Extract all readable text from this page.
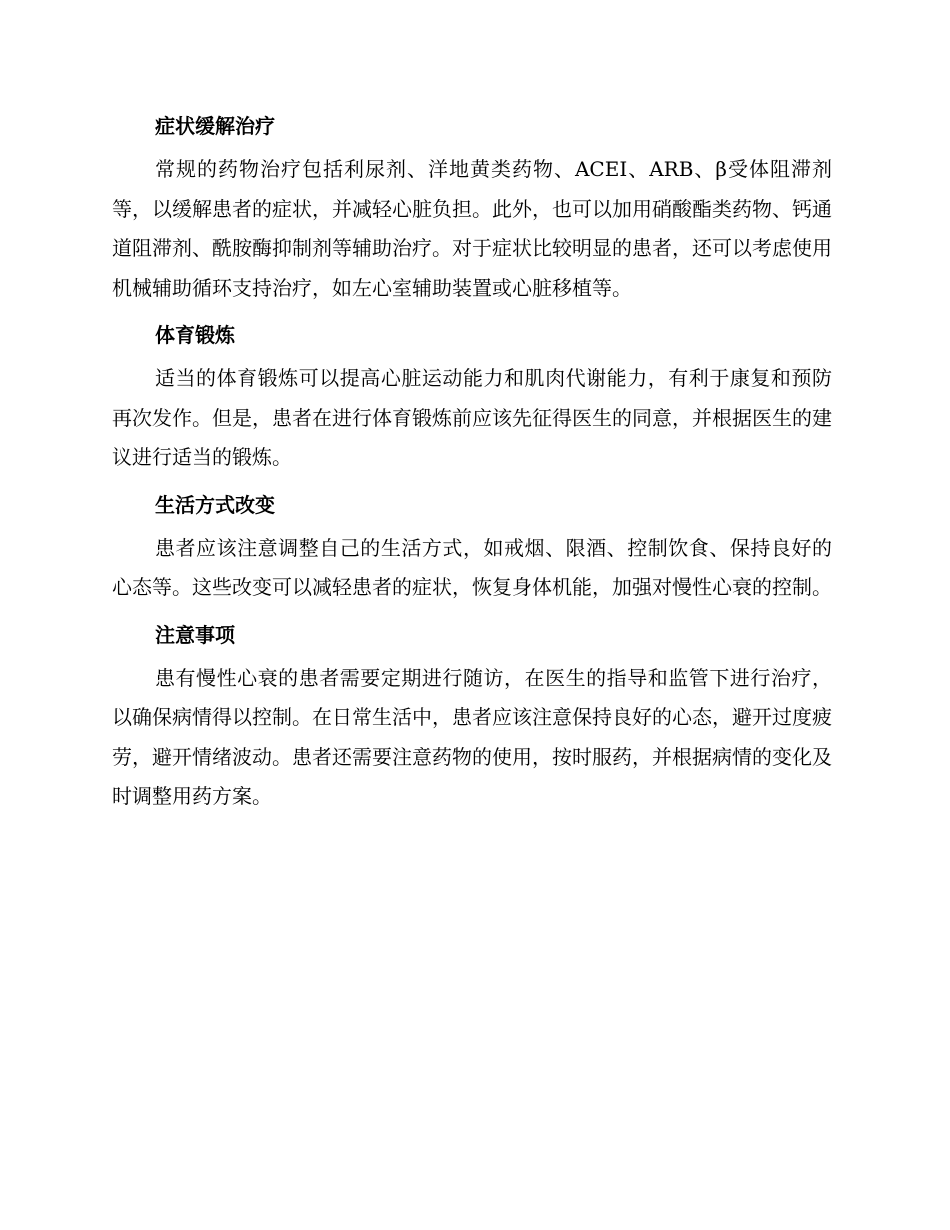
症状缓解治疗

常规的药物治疗包括利尿剂、洋地黄类药物、ACEI、ARB、β受体阻滞剂等，以缓解患者的症状，并减轻心脏负担。此外，也可以加用硝酸酯类药物、钙通道阻滞剂、酰胺酶抑制剂等辅助治疗。对于症状比较明显的患者，还可以考虑使用机械辅助循环支持治疗，如左心室辅助装置或心脏移植等。

体育锻炼

适当的体育锻炼可以提高心脏运动能力和肌肉代谢能力，有利于康复和预防再次发作。但是，患者在进行体育锻炼前应该先征得医生的同意，并根据医生的建议进行适当的锻炼。

生活方式改变

患者应该注意调整自己的生活方式，如戒烟、限酒、控制饮食、保持良好的心态等。这些改变可以减轻患者的症状，恢复身体机能，加强对慢性心衰的控制。

注意事项

患有慢性心衰的患者需要定期进行随访，在医生的指导和监管下进行治疗，以确保病情得以控制。在日常生活中，患者应该注意保持良好的心态，避开过度疲劳，避开情绪波动。患者还需要注意药物的使用，按时服药，并根据病情的变化及时调整用药方案。
